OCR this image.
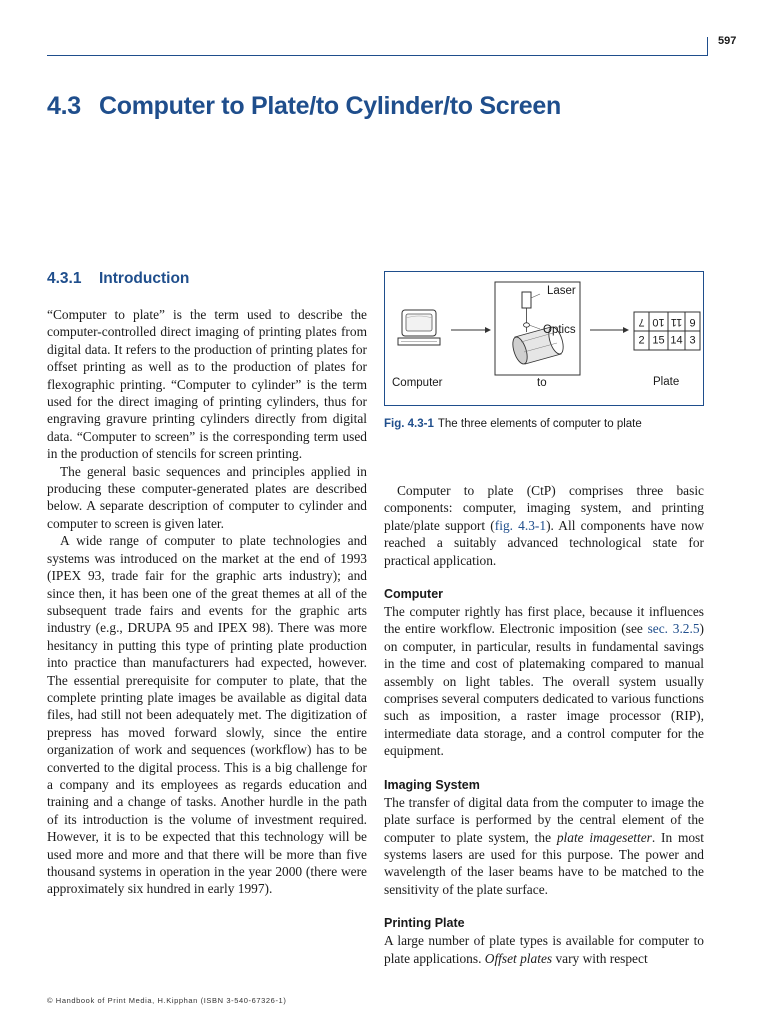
597
4.3 Computer to Plate/to Cylinder/to Screen
4.3.1 Introduction

“Computer to plate” is the term used to describe the computer-controlled direct imaging of printing plates from digital data. It refers to the production of printing plates for offset printing as well as to the production of plates for flexographic printing. “Computer to cylinder” is the term used for the direct imaging of printing cylinders, thus for engraving gravure printing cylinders directly from digital data. “Computer to screen” is the corresponding term used in the production of stencils for screen printing.

The general basic sequences and principles applied in producing these computer-generated plates are described below. A separate description of computer to cylinder and computer to screen is given later.

A wide range of computer to plate technologies and systems was introduced on the market at the end of 1993 (IPEX 93, trade fair for the graphic arts industry); and since then, it has been one of the great themes at all of the subsequent trade fairs and events for the graphic arts industry (e.g., DRUPA 95 and IPEX 98). There was more hesitancy in putting this type of printing plate production into practice than manufacturers had expected, however. The essential prerequisite for computer to plate, that the complete printing plate images be available as digital data files, had still not been adequately met. The digitization of prepress has moved forward slowly, since the entire organization of work and sequences (workflow) has to be converted to the digital process. This is a big challenge for a company and its employees as regards education and training and a change of tasks. Another hurdle in the path of its introduction is the volume of investment required. However, it is to be expected that this technology will be used more and more and that there will be more than five thousand systems in operation in the year 2000 (there were approximately six hundred in early 1997).

7 10 11 6
2 15 14 3
Laser
Optics
Computer	to	Plate
Fig. 4.3-1 The three elements of computer to plate

Computer to plate (CtP) comprises three basic components: computer, imaging system, and printing plate/plate support (fig. 4.3-1). All components have now reached a suitably advanced technological state for practical application.

Computer

The computer rightly has first place, because it influences the entire workflow. Electronic imposition (see sec. 3.2.5) on computer, in particular, results in fundamental savings in the time and cost of platemaking compared to manual assembly on light tables. The overall system usually comprises several computers dedicated to various functions such as imposition, a raster image processor (RIP), intermediate data storage, and a control computer for the equipment.

Imaging System

The transfer of digital data from the computer to image the plate surface is performed by the central element of the computer to plate system, the plate imagesetter. In most systems lasers are used for this purpose. The power and wavelength of the laser beams have to be matched to the sensitivity of the plate surface.

Printing Plate

A large number of plate types is available for computer to plate applications. Offset plates vary with respect

© Handbook of Print Media, H.Kipphan (ISBN 3-540-67326-1)
